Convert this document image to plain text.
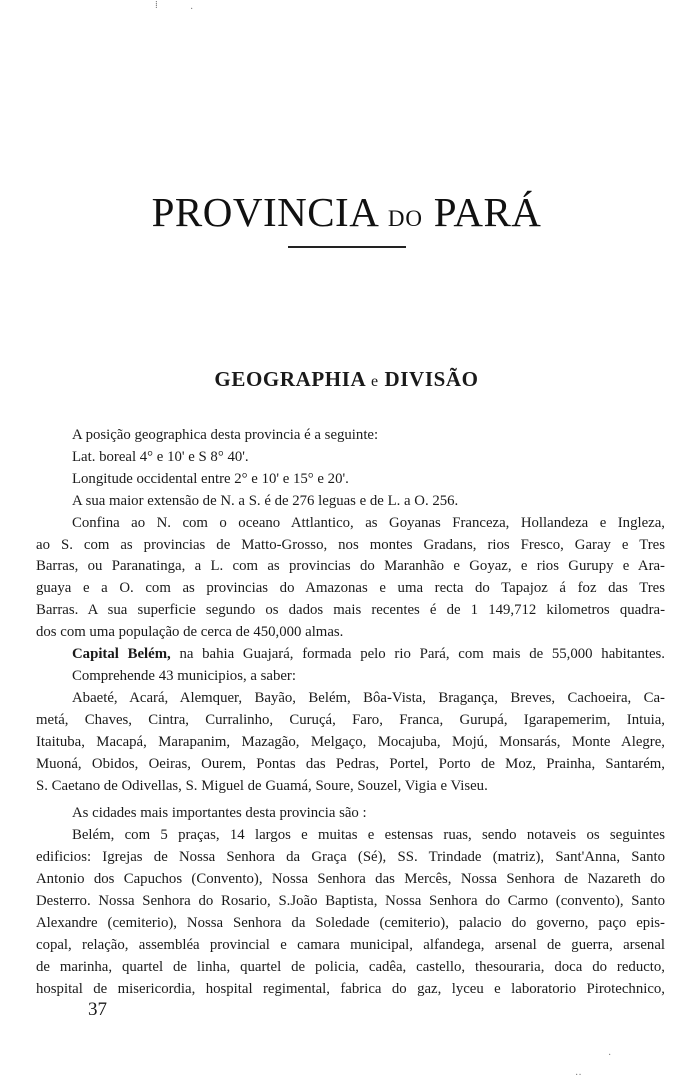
⁞	·
PROVINCIA DO PARÁ
GEOGRAPHIA e DIVISÃO
A posição geographica desta provincia é a seguinte:
Lat. boreal 4° e 10' e S 8° 40'.
Longitude occidental entre 2° e 10' e 15° e 20'.
A sua maior extensão de N. a S. é de 276 leguas e de L. a O. 256.
Confina ao N. com o oceano Attlantico, as Goyanas Franceza, Hollandeza e Ingleza,
ao S. com as provincias de Matto-Grosso, nos montes Gradans, rios Fresco, Garay e Tres
Barras, ou Paranatinga, a L. com as provincias do Maranhão e Goyaz, e rios Gurupy e Ara-
guaya e a O. com as provincias do Amazonas e uma recta do Tapajoz á foz das Tres
Barras. A sua superficie segundo os dados mais recentes é de 1 149,712 kilometros quadra-
dos com uma população de cerca de 450,000 almas.
Capital Belém, na bahia Guajará, formada pelo rio Pará, com mais de 55,000 habitantes.
Comprehende 43 municipios, a saber:
Abaeté, Acará, Alemquer, Bayão, Belém, Bôa-Vista, Bragança, Breves, Cachoeira, Ca-
metá, Chaves, Cintra, Curralinho, Curuçá, Faro, Franca, Gurupá, Igarapemerim, Intuia,
Itaituba, Macapá, Marapanim, Mazagão, Melgaço, Mocajuba, Mojú, Monsarás, Monte Alegre,
Muoná, Obidos, Oeiras, Ourem, Pontas das Pedras, Portel, Porto de Moz, Prainha, Santarém,
S. Caetano de Odivellas, S. Miguel de Guamá, Soure, Souzel, Vigia e Viseu.
As cidades mais importantes desta provincia são :
Belém, com 5 praças, 14 largos e muitas e estensas ruas, sendo notaveis os seguintes
edificios: Igrejas de Nossa Senhora da Graça (Sé), SS. Trindade (matriz), Sant'Anna, Santo
Antonio dos Capuchos (Convento), Nossa Senhora das Mercês, Nossa Senhora de Nazareth do
Desterro. Nossa Senhora do Rosario, S.João Baptista, Nossa Senhora do Carmo (convento), Santo
Alexandre (cemiterio), Nossa Senhora da Soledade (cemiterio), palacio do governo, paço epis-
copal, relação, assembléa provincial e camara municipal, alfandega, arsenal de guerra, arsenal
de marinha, quartel de linha, quartel de policia, cadêa, castello, thesouraria, doca do reducto,
hospital de misericordia, hospital regimental, fabrica do gaz, lyceu e laboratorio Pirotechnico,
37
·
··
